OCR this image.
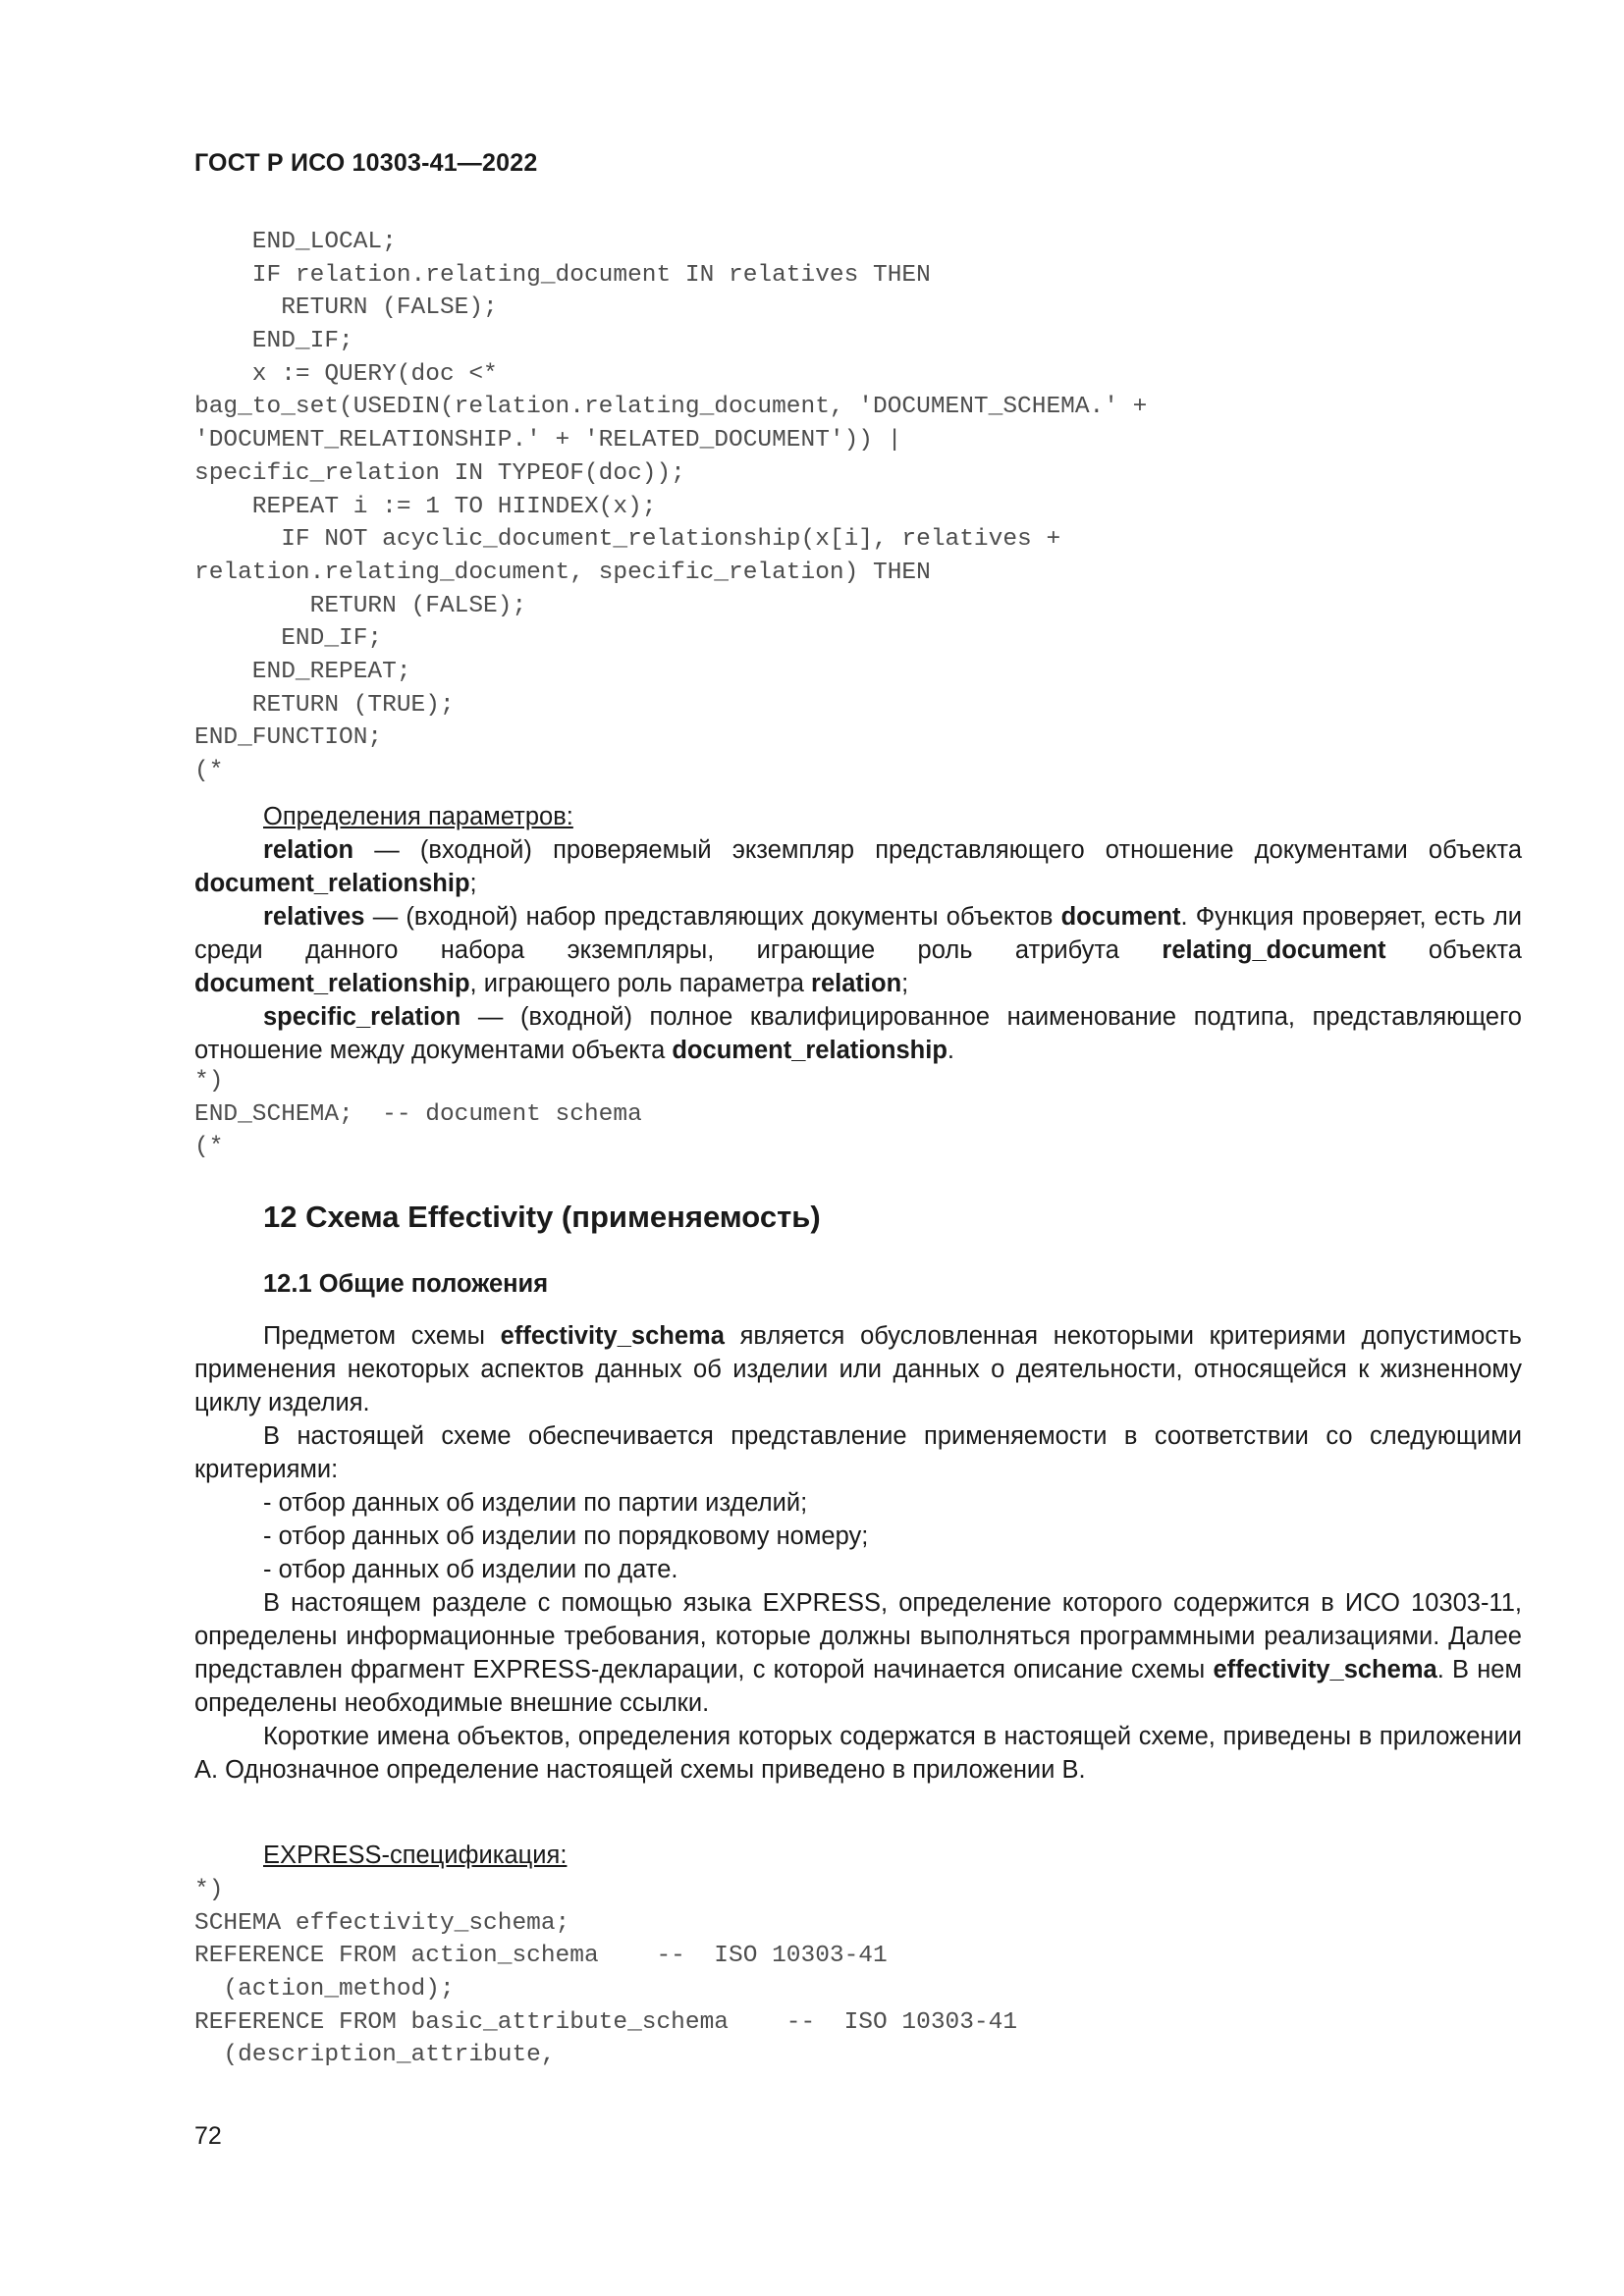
ГОСТ Р ИСО 10303-41—2022
END_LOCAL;
IF relation.relating_document IN relatives THEN
RETURN (FALSE);
END_IF;
x := QUERY(doc <*
bag_to_set(USEDIN(relation.relating_document, 'DOCUMENT_SCHEMA.' +
'DOCUMENT_RELATIONSHIP.' + 'RELATED_DOCUMENT')) |
specific_relation IN TYPEOF(doc));
REPEAT i := 1 TO HIINDEX(x);
IF NOT acyclic_document_relationship(x[i], relatives +
relation.relating_document, specific_relation) THEN
RETURN (FALSE);
END_IF;
END_REPEAT;
RETURN (TRUE);
END_FUNCTION;
(*

Определения параметров:

relation — (входной) проверяемый экземпляр представляющего отношение документами объекта document_relationship;

relatives — (входной) набор представляющих документы объектов document. Функция проверяет, есть ли среди данного набора экземпляры, играющие роль атрибута relating_document объекта document_relationship, играющего роль параметра relation;

specific_relation — (входной) полное квалифицированное наименование подтипа, представляющего отношение между документами объекта document_relationship.

*)
END_SCHEMA;  -- document schema
(*
12 Схема Effectivity (применяемость)
12.1 Общие положения

Предметом схемы effectivity_schema является обусловленная некоторыми критериями допустимость применения некоторых аспектов данных об изделии или данных о деятельности, относящейся к жизненному циклу изделия.

В настоящей схеме обеспечивается представление применяемости в соответствии со следующими критериями:

- отбор данных об изделии по партии изделий;

- отбор данных об изделии по порядковому номеру;

- отбор данных об изделии по дате.

В настоящем разделе с помощью языка EXPRESS, определение которого содержится в ИСО 10303-11, определены информационные требования, которые должны выполняться программными реализациями. Далее представлен фрагмент EXPRESS-декларации, с которой начинается описание схемы effectivity_schema. В нем определены необходимые внешние ссылки.

Короткие имена объектов, определения которых содержатся в настоящей схеме, приведены в приложении А. Однозначное определение настоящей схемы приведено в приложении В.

EXPRESS-спецификация:

*)
SCHEMA effectivity_schema;
REFERENCE FROM action_schema    --  ISO 10303-41
(action_method);
REFERENCE FROM basic_attribute_schema    --  ISO 10303-41
(description_attribute,
72
